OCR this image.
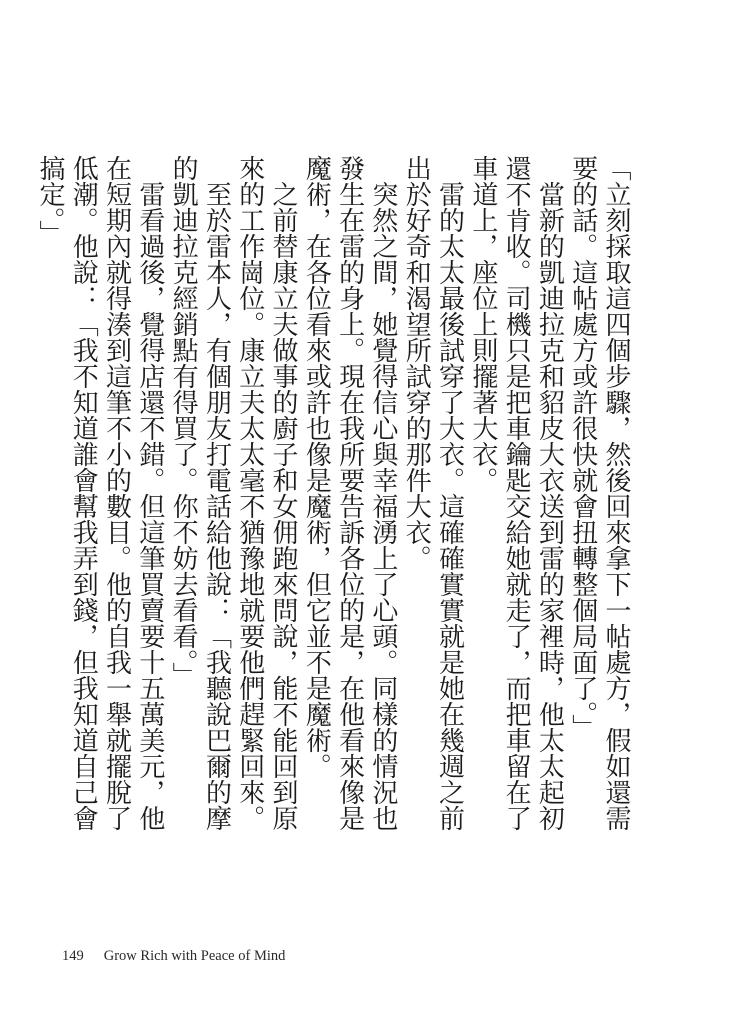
「立刻採取這四個步驟，然後回來拿下一帖處方，假如還需要的話。這帖處方或許很快就會扭轉整個局面了。」

　當新的凱迪拉克和貂皮大衣送到雷的家裡時，他太太起初還不肯收。司機只是把車鑰匙交給她就走了，而把車留在了車道上，座位上則擺著大衣。

　雷的太太最後試穿了大衣。這確確實實就是她在幾週之前出於好奇和渴望所試穿的那件大衣。

　突然之間，她覺得信心與幸福湧上了心頭。同樣的情況也發生在雷的身上。現在我所要告訴各位的是，在他看來像是魔術，在各位看來或許也像是魔術，但它並不是魔術。

　之前替康立夫做事的廚子和女佣跑來問說，能不能回到原來的工作崗位。康立夫太太毫不猶豫地就要他們趕緊回來。

　至於雷本人，有個朋友打電話給他說：「我聽說巴爾的摩的凱迪拉克經銷點有得買了。你不妨去看看。」

　雷看過後，覺得店還不錯。但這筆買賣要十五萬美元，他在短期內就得湊到這筆不小的數目。他的自我一舉就擺脫了低潮。他說：「我不知道誰會幫我弄到錢，但我知道自己會搞定。」

149 Grow Rich with Peace of Mind
